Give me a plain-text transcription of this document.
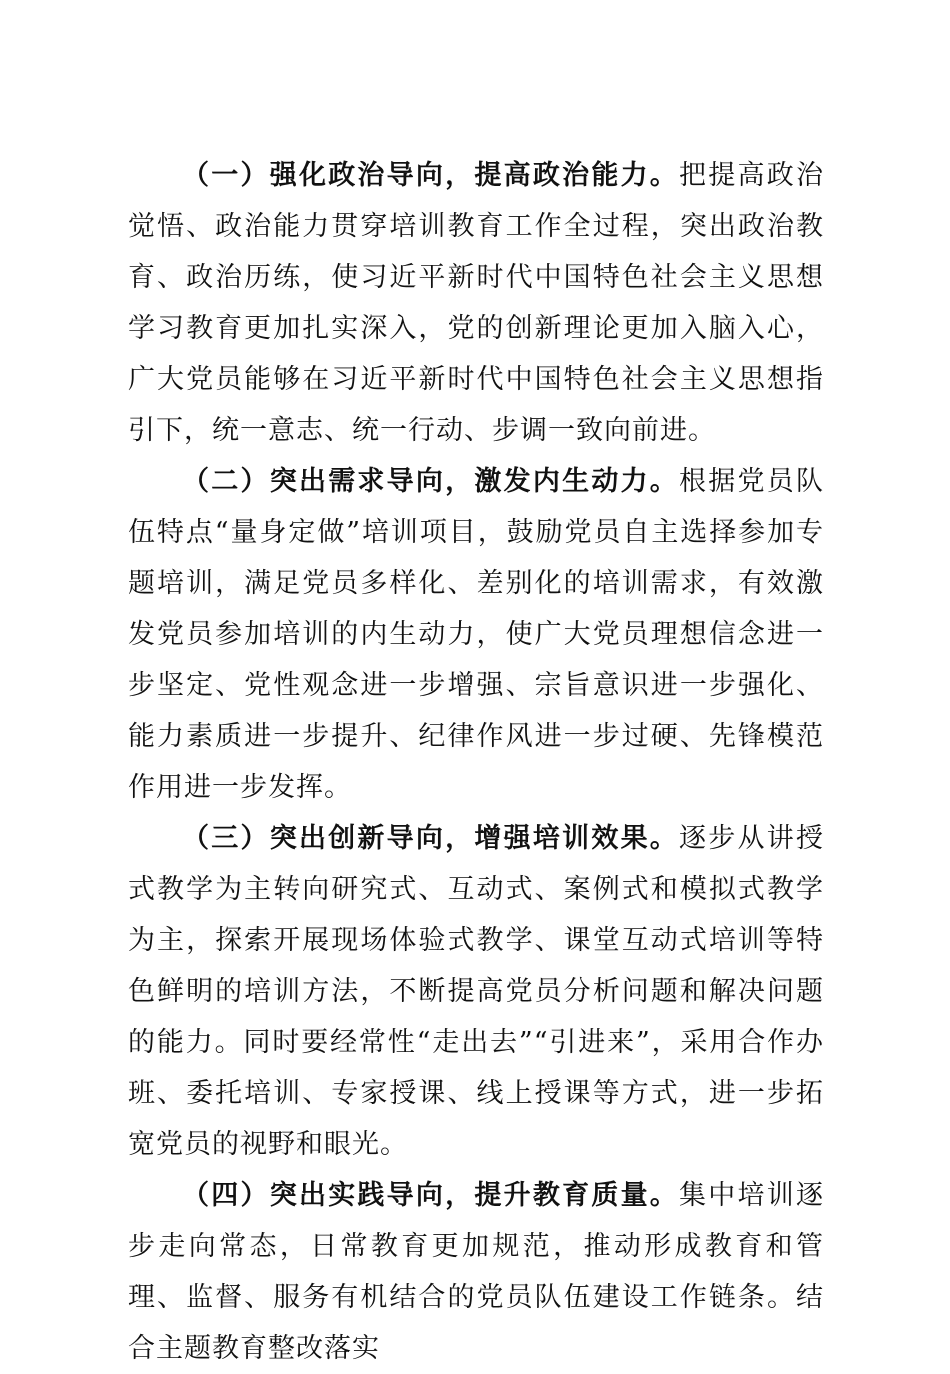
（一）强化政治导向，提高政治能力。把提高政治觉悟、政治能力贯穿培训教育工作全过程，突出政治教育、政治历练，使习近平新时代中国特色社会主义思想学习教育更加扎实深入，党的创新理论更加入脑入心，广大党员能够在习近平新时代中国特色社会主义思想指引下，统一意志、统一行动、步调一致向前进。

（二）突出需求导向，激发内生动力。根据党员队伍特点“量身定做”培训项目，鼓励党员自主选择参加专题培训，满足党员多样化、差别化的培训需求，有效激发党员参加培训的内生动力，使广大党员理想信念进一步坚定、党性观念进一步增强、宗旨意识进一步强化、能力素质进一步提升、纪律作风进一步过硬、先锋模范作用进一步发挥。

（三）突出创新导向，增强培训效果。逐步从讲授式教学为主转向研究式、互动式、案例式和模拟式教学为主，探索开展现场体验式教学、课堂互动式培训等特色鲜明的培训方法，不断提高党员分析问题和解决问题的能力。同时要经常性“走出去”“引进来”，采用合作办班、委托培训、专家授课、线上授课等方式，进一步拓宽党员的视野和眼光。

（四）突出实践导向，提升教育质量。集中培训逐步走向常态，日常教育更加规范，推动形成教育和管理、监督、服务有机结合的党员队伍建设工作链条。结合主题教育整改落实
